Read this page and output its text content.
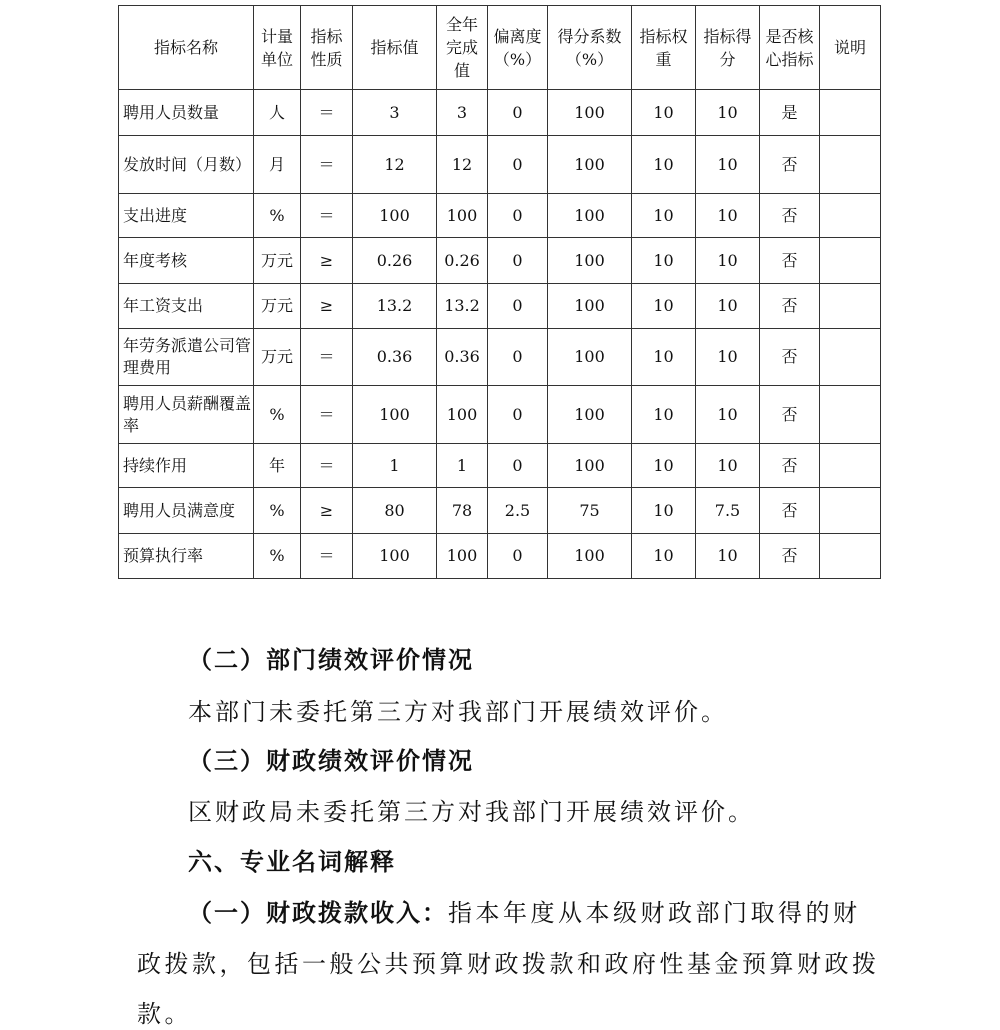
指标名称	计量单位	指标性质	指标值	全年完成值	偏离度（%）	得分系数（%）	指标权重	指标得分	是否核心指标	说明
聘用人员数量	人	＝	3	3	0	100	10	10	是	
发放时间（月数）	月	＝	12	12	0	100	10	10	否	
支出进度	%	＝	100	100	0	100	10	10	否	
年度考核	万元	≥	0.26	0.26	0	100	10	10	否	
年工资支出	万元	≥	13.2	13.2	0	100	10	10	否	
年劳务派遣公司管理费用	万元	＝	0.36	0.36	0	100	10	10	否	
聘用人员薪酬覆盖率	%	＝	100	100	0	100	10	10	否	
持续作用	年	＝	1	1	0	100	10	10	否	
聘用人员满意度	%	≥	80	78	2.5	75	10	7.5	否	
预算执行率	%	＝	100	100	0	100	10	10	否	

（二）部门绩效评价情况

本部门未委托第三方对我部门开展绩效评价。

（三）财政绩效评价情况

区财政局未委托第三方对我部门开展绩效评价。

六、专业名词解释

（一）财政拨款收入：指本年度从本级财政部门取得的财

政拨款，包括一般公共预算财政拨款和政府性基金预算财政拨

款。
